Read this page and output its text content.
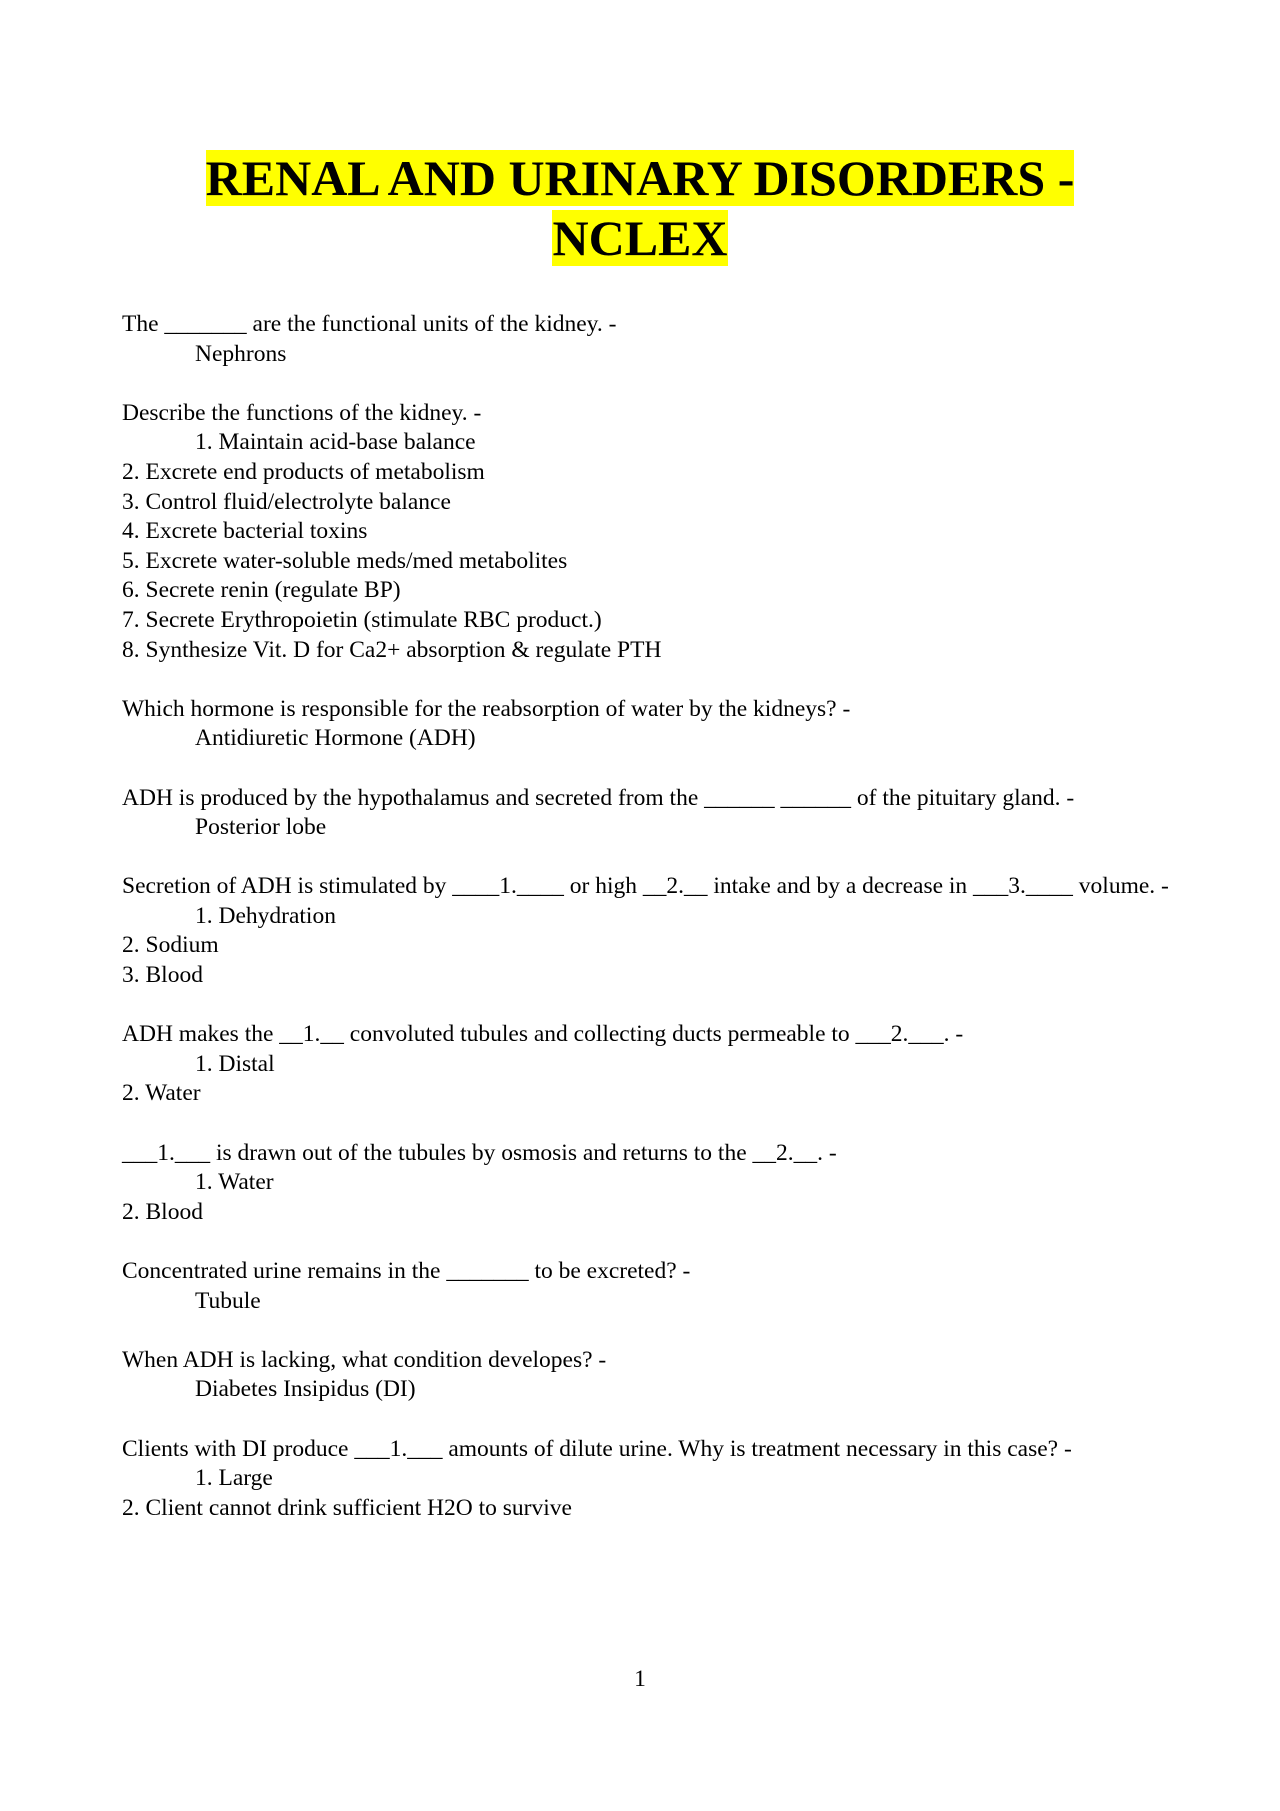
RENAL AND URINARY DISORDERS -
NCLEX

The _______ are the functional units of the kidney. -

Nephrons

Describe the functions of the kidney. -

1. Maintain acid-base balance

2. Excrete end products of metabolism

3. Control fluid/electrolyte balance

4. Excrete bacterial toxins

5. Excrete water-soluble meds/med metabolites

6. Secrete renin (regulate BP)

7. Secrete Erythropoietin (stimulate RBC product.)

8. Synthesize Vit. D for Ca2+ absorption & regulate PTH

Which hormone is responsible for the reabsorption of water by the kidneys? -

Antidiuretic Hormone (ADH)

ADH is produced by the hypothalamus and secreted from the ______ ______ of the pituitary gland. -

Posterior lobe

Secretion of ADH is stimulated by ____1.____ or high __2.__ intake and by a decrease in ___3.____ volume. -

1. Dehydration

2. Sodium

3. Blood

ADH makes the __1.__ convoluted tubules and collecting ducts permeable to ___2.___. -

1. Distal

2. Water

___1.___ is drawn out of the tubules by osmosis and returns to the __2.__. -

1. Water

2. Blood

Concentrated urine remains in the _______ to be excreted? -

Tubule

When ADH is lacking, what condition developes? -

Diabetes Insipidus (DI)

Clients with DI produce ___1.___ amounts of dilute urine. Why is treatment necessary in this case? -

1. Large

2. Client cannot drink sufficient H2O to survive

1
